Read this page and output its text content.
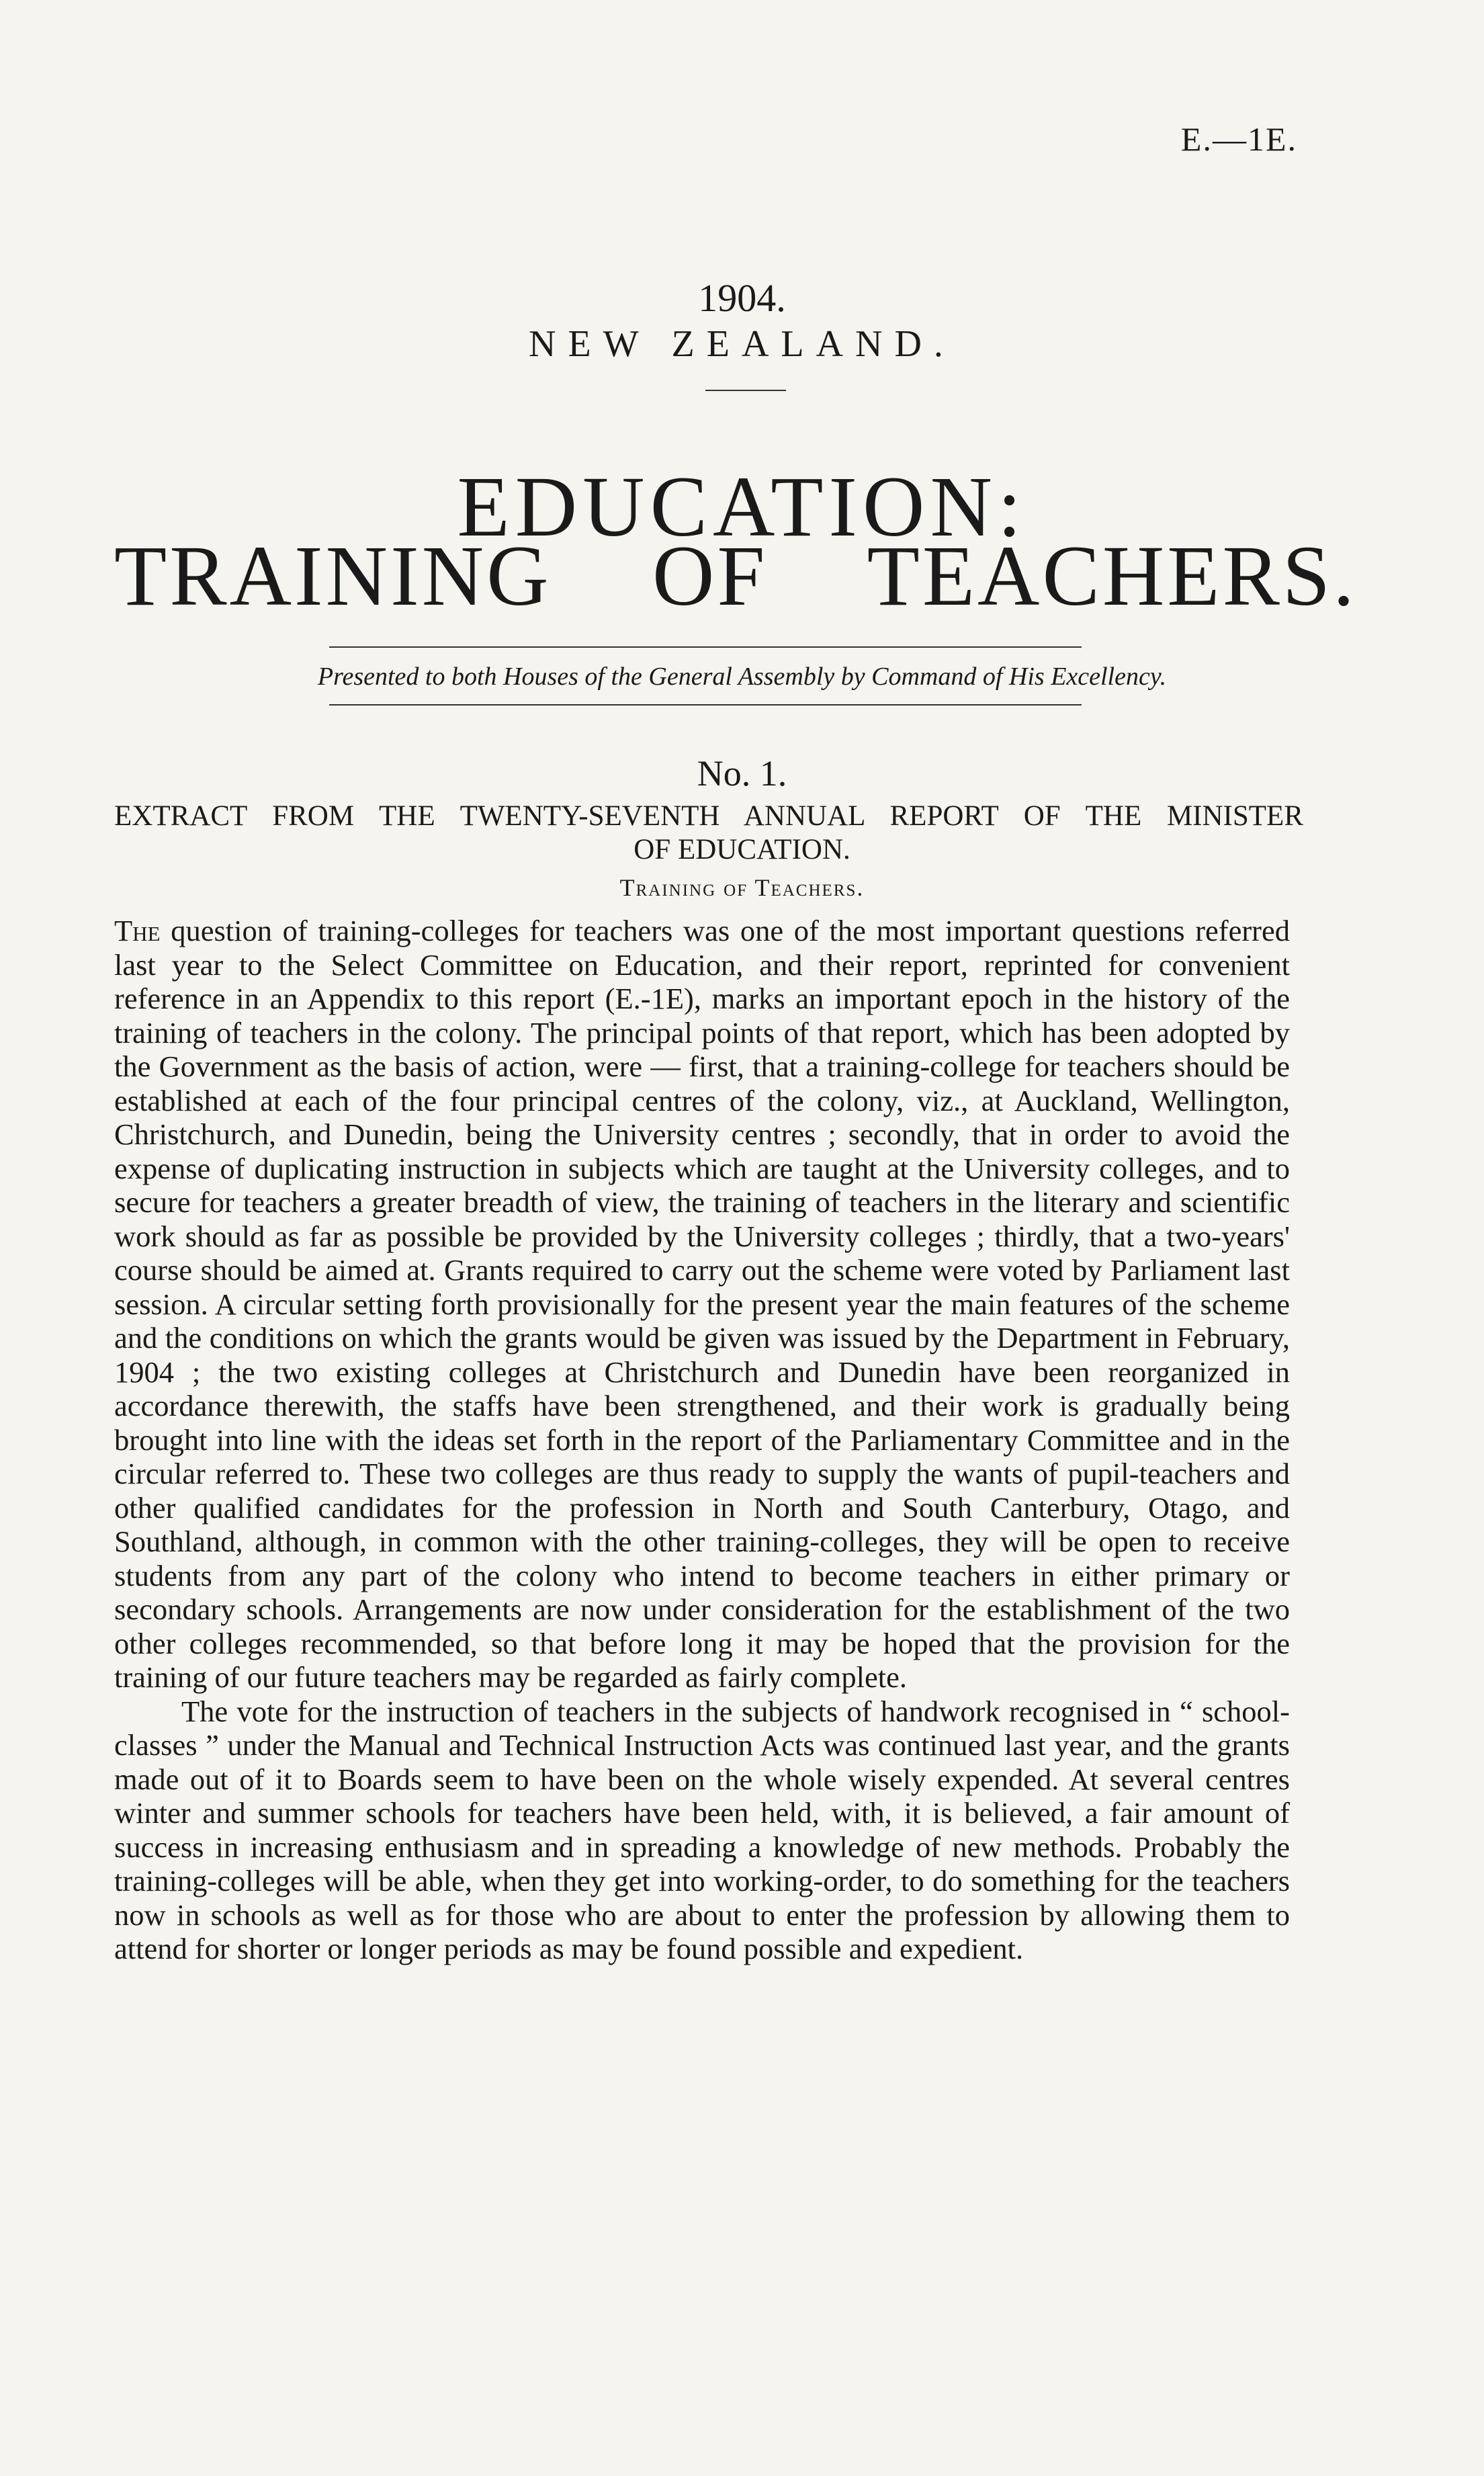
E.—1E.
1904.
NEW ZEALAND.
EDUCATION:
TRAINING OF TEACHERS.
Presented to both Houses of the General Assembly by Command of His Excellency.
No. 1.
EXTRACT FROM THE TWENTY-SEVENTH ANNUAL REPORT OF THE MINISTER
OF EDUCATION.
Training of Teachers.

The question of training-colleges for teachers was one of the most important questions referred last year to the Select Committee on Education, and their report, reprinted for convenient reference in an Appendix to this report (E.-1E), marks an important epoch in the history of the training of teachers in the colony. The principal points of that report, which has been adopted by the Government as the basis of action, were — first, that a training-college for teachers should be established at each of the four principal centres of the colony, viz., at Auckland, Wellington, Christchurch, and Dunedin, being the University centres ; secondly, that in order to avoid the expense of duplicating instruction in subjects which are taught at the University colleges, and to secure for teachers a greater breadth of view, the training of teachers in the literary and scientific work should as far as possible be provided by the University colleges ; thirdly, that a two-years' course should be aimed at. Grants required to carry out the scheme were voted by Parliament last session. A circular setting forth provisionally for the present year the main features of the scheme and the conditions on which the grants would be given was issued by the Department in February, 1904 ; the two existing colleges at Christchurch and Dunedin have been reorganized in accordance therewith, the staffs have been strengthened, and their work is gradually being brought into line with the ideas set forth in the report of the Parliamentary Committee and in the circular referred to. These two colleges are thus ready to supply the wants of pupil-teachers and other qualified candidates for the profession in North and South Canterbury, Otago, and Southland, although, in common with the other training-colleges, they will be open to receive students from any part of the colony who intend to become teachers in either primary or secondary schools. Arrangements are now under consideration for the establishment of the two other colleges recommended, so that before long it may be hoped that the provision for the training of our future teachers may be regarded as fairly complete.

The vote for the instruction of teachers in the subjects of handwork recognised in “ school-classes ” under the Manual and Technical Instruction Acts was continued last year, and the grants made out of it to Boards seem to have been on the whole wisely expended. At several centres winter and summer schools for teachers have been held, with, it is believed, a fair amount of success in increasing enthusiasm and in spreading a knowledge of new methods. Probably the training-colleges will be able, when they get into working-order, to do something for the teachers now in schools as well as for those who are about to enter the profession by allowing them to attend for shorter or longer periods as may be found possible and expedient.
